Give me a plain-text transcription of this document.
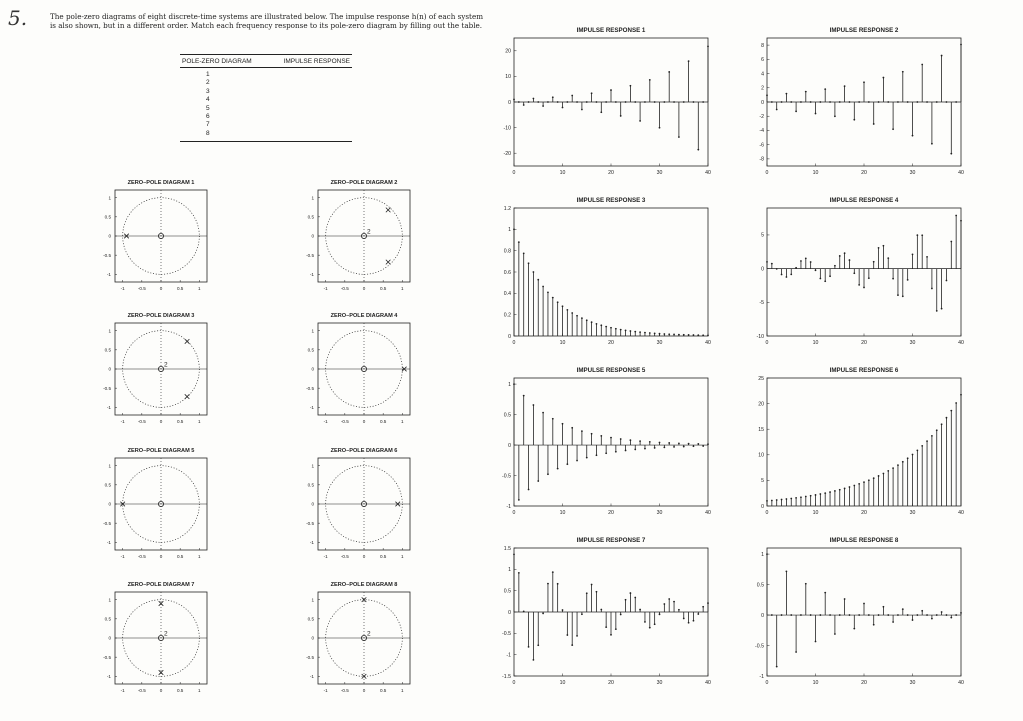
5.	The pole-zero diagrams of eight discrete-time systems are illustrated below. The impulse response h(n) of each system is also shown, but in a different order. Match each frequency response to its pole-zero diagram by filling out the table.
POLE-ZERO DIAGRAM	IMPULSE RESPONSE
1
2
3
4
5
6
7
8
ZERO–POLE DIAGRAM 1
-1	-0.5	0	0.5	1
1
0.5
0
-0.5
-1
ZERO–POLE DIAGRAM 2
-1	-0.5	0	0.5	1
1
0.5
0
-0.5
-1
2
ZERO–POLE DIAGRAM 3
-1	-0.5	0	0.5	1
1
0.5
0
-0.5
-1
2
ZERO–POLE DIAGRAM 4
-1	-0.5	0	0.5	1
1
0.5
0
-0.5
-1
ZERO–POLE DIAGRAM 5
-1	-0.5	0	0.5	1
1
0.5
0
-0.5
-1
ZERO–POLE DIAGRAM 6
-1	-0.5	0	0.5	1
1
0.5
0
-0.5
-1
ZERO–POLE DIAGRAM 7
-1	-0.5	0	0.5	1
1
0.5
0
-0.5
-1
2
ZERO–POLE DIAGRAM 8
-1	-0.5	0	0.5	1
1
0.5
0
-0.5
-1
2
IMPULSE RESPONSE 1
0	10	20	30	40
20
10
0
-10
-20
IMPULSE RESPONSE 2
0	10	20	30	40
8
6
4
2
0
-2
-4
-6
-8
IMPULSE RESPONSE 3
0	10	20	30	40
1.2
1
0.8
0.6
0.4
0.2
0
IMPULSE RESPONSE 4
0	10	20	30	40
5
0
-5
-10
IMPULSE RESPONSE 5
0	10	20	30	40
1
0.5
0
-0.5
-1
IMPULSE RESPONSE 6
0	10	20	30	40
25
20
15
10
5
0
IMPULSE RESPONSE 7
0	10	20	30	40
1.5
1
0.5
0
-0.5
-1
-1.5
IMPULSE RESPONSE 8
0	10	20	30	40
1
0.5
0
-0.5
-1
